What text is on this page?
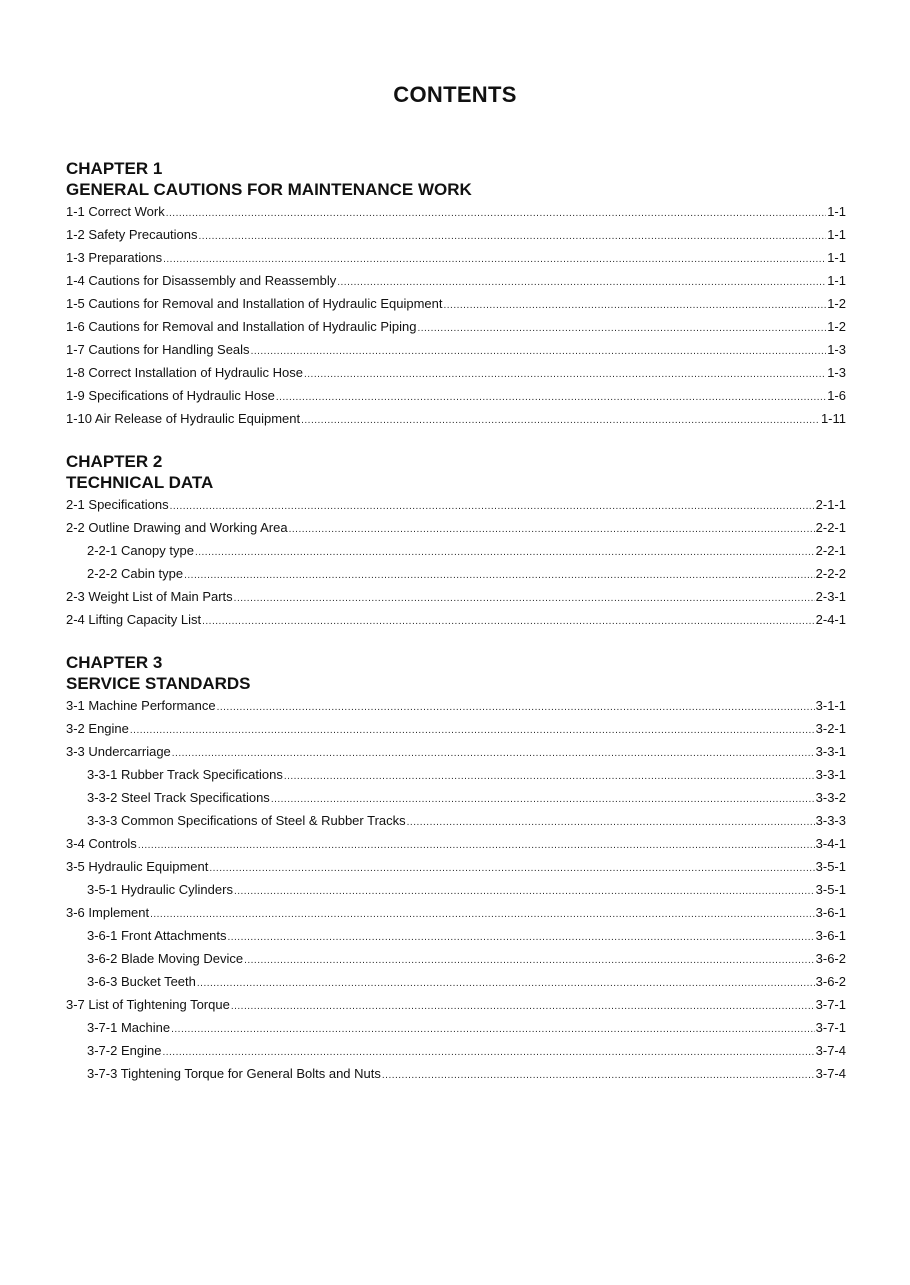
CONTENTS
CHAPTER 1
GENERAL CAUTIONS FOR MAINTENANCE WORK
1-1 Correct Work .....	1-1
1-2 Safety Precautions .....	1-1
1-3 Preparations .....	1-1
1-4 Cautions for Disassembly and Reassembly .....	1-1
1-5 Cautions for Removal and Installation of Hydraulic Equipment .....	1-2
1-6 Cautions for Removal and Installation of Hydraulic Piping .....	1-2
1-7 Cautions for Handling Seals .....	1-3
1-8 Correct Installation of Hydraulic Hose .....	1-3
1-9 Specifications of Hydraulic Hose .....	1-6
1-10 Air Release of Hydraulic Equipment .....	1-11
CHAPTER 2
TECHNICAL DATA
2-1 Specifications .....	2-1-1
2-2 Outline Drawing and Working Area .....	2-2-1
2-2-1 Canopy type .....	2-2-1
2-2-2 Cabin type .....	2-2-2
2-3 Weight List of Main Parts .....	2-3-1
2-4 Lifting Capacity List .....	2-4-1
CHAPTER 3
SERVICE STANDARDS
3-1 Machine Performance .....	3-1-1
3-2 Engine .....	3-2-1
3-3 Undercarriage .....	3-3-1
3-3-1 Rubber Track Specifications .....	3-3-1
3-3-2 Steel Track Specifications .....	3-3-2
3-3-3 Common Specifications of Steel & Rubber Tracks .....	3-3-3
3-4 Controls .....	3-4-1
3-5 Hydraulic Equipment .....	3-5-1
3-5-1 Hydraulic Cylinders .....	3-5-1
3-6 Implement .....	3-6-1
3-6-1 Front Attachments .....	3-6-1
3-6-2 Blade Moving Device .....	3-6-2
3-6-3 Bucket Teeth .....	3-6-2
3-7 List of Tightening Torque .....	3-7-1
3-7-1 Machine .....	3-7-1
3-7-2 Engine .....	3-7-4
3-7-3 Tightening Torque for General Bolts and Nuts .....	3-7-4
